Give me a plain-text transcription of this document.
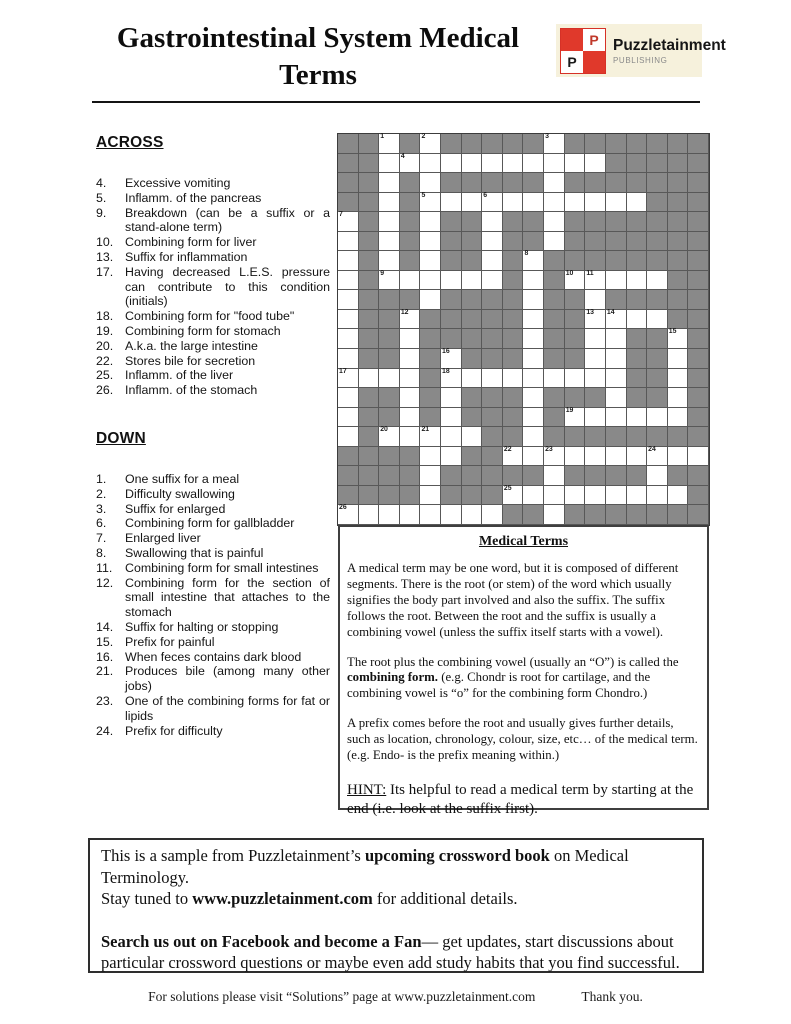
Gastrointestinal System Medical
Terms
P
P
Puzzletainment
PUBLISHING
ACROSS
4.	Excessive vomiting
5.	Inflamm. of the pancreas
9.	Breakdown (can be a suffix or a stand-alone term)
10. Combining form for liver
13. Suffix for inflammation
17. Having decreased L.E.S. pressure can contribute to this condition (initials)
18. Combining form for "food tube"
19. Combining form for stomach
20. A.k.a. the large intestine
22. Stores bile for secretion
25. Inflamm. of the liver
26. Inflamm. of the stomach
DOWN
1.	One suffix for a meal
2.	Difficulty swallowing
3.	Suffix for enlarged
6.	Combining form for gallbladder
7.	Enlarged liver
8.	Swallowing that is painful
11.	Combining form for small intestines
12. Combining form for the section of small intestine that attaches to the stomach
14. Suffix for halting or stopping
15. Prefix for painful
16. When feces contains dark blood
21. Produces bile (among many other jobs)
23. One of the combining forms for fat or lipids
24. Prefix for difficulty
1	2	3
4
5	6
7
8
9	10 11
12	13 14
15
16
17	18
19
20	21
22	23	24
25
26
Medical Terms
A medical term may be one word, but it is composed of different segments. There is the root (or stem) of the word which usually signifies the body part involved and also the suffix. The suffix follows the root. Between the root and the suffix is usually a combining vowel (unless the suffix itself starts with a vowel).
The root plus the combining vowel (usually an “O”) is called the combining form. (e.g. Chondr is root for cartilage, and the combining vowel is “o” for the combining form Chondro.)
A prefix comes before the root and usually gives further details, such as location, chronology, colour, size, etc… of the medical term. (e.g. Endo- is the prefix meaning within.)
HINT: Its helpful to read a medical term by starting at the end (i.e. look at the suffix first).
This is a sample from Puzzletainment’s upcoming crossword book on Medical Terminology.
Stay tuned to www.puzzletainment.com for additional details.
Search us out on Facebook and become a Fan— get updates, start discussions about particular crossword questions or maybe even add study habits that you find successful.
For solutions please visit “Solutions” page at www.puzzletainment.com	Thank you.
